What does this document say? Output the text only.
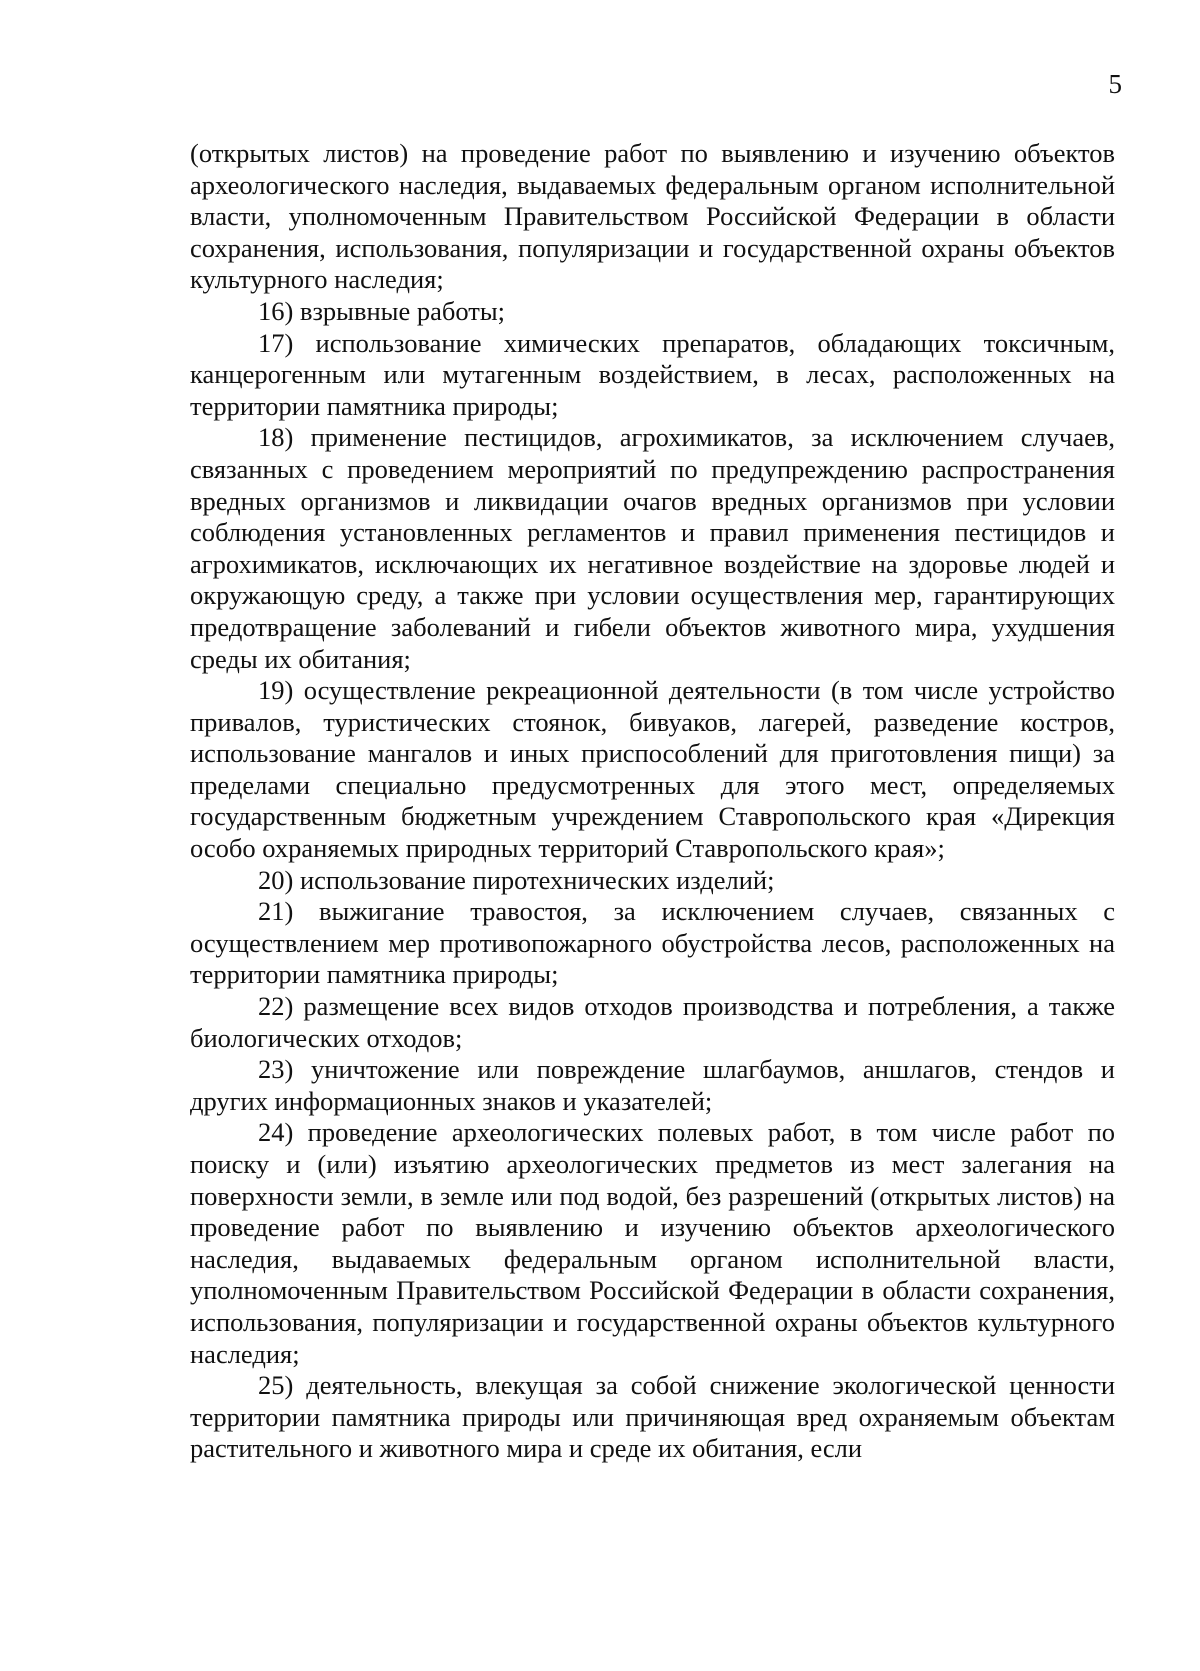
5

(открытых листов) на проведение работ по выявлению и изучению объектов археологического наследия, выдаваемых федеральным органом исполнительной власти, уполномоченным Правительством Российской Федерации в области сохранения, использования, популяризации и государственной охраны объектов культурного наследия;

16) взрывные работы;

17) использование химических препаратов, обладающих токсичным, канцерогенным или мутагенным воздействием, в лесах, расположенных на территории памятника природы;

18) применение пестицидов, агрохимикатов, за исключением случаев, связанных с проведением мероприятий по предупреждению распространения вредных организмов и ликвидации очагов вредных организмов при условии соблюдения установленных регламентов и правил применения пестицидов и агрохимикатов, исключающих их негативное воздействие на здоровье людей и окружающую среду, а также при условии осуществления мер, гарантирующих предотвращение заболеваний и гибели объектов животного мира, ухудшения среды их обитания;

19) осуществление рекреационной деятельности (в том числе устройство привалов, туристических стоянок, бивуаков, лагерей, разведение костров, использование мангалов и иных приспособлений для приготовления пищи) за пределами специально предусмотренных для этого мест, определяемых государственным бюджетным учреждением Ставропольского края «Дирекция особо охраняемых природных территорий Ставропольского края»;

20) использование пиротехнических изделий;

21) выжигание травостоя, за исключением случаев, связанных с осуществлением мер противопожарного обустройства лесов, расположенных на территории памятника природы;

22) размещение всех видов отходов производства и потребления, а также биологических отходов;

23) уничтожение или повреждение шлагбаумов, аншлагов, стендов и других информационных знаков и указателей;

24) проведение археологических полевых работ, в том числе работ по поиску и (или) изъятию археологических предметов из мест залегания на поверхности земли, в земле или под водой, без разрешений (открытых листов) на проведение работ по выявлению и изучению объектов археологического наследия, выдаваемых федеральным органом исполнительной власти, уполномоченным Правительством Российской Федерации в области сохранения, использования, популяризации и государственной охраны объектов культурного наследия;

25) деятельность, влекущая за собой снижение экологической ценности территории памятника природы или причиняющая вред охраняемым объектам растительного и животного мира и среде их обитания, если
